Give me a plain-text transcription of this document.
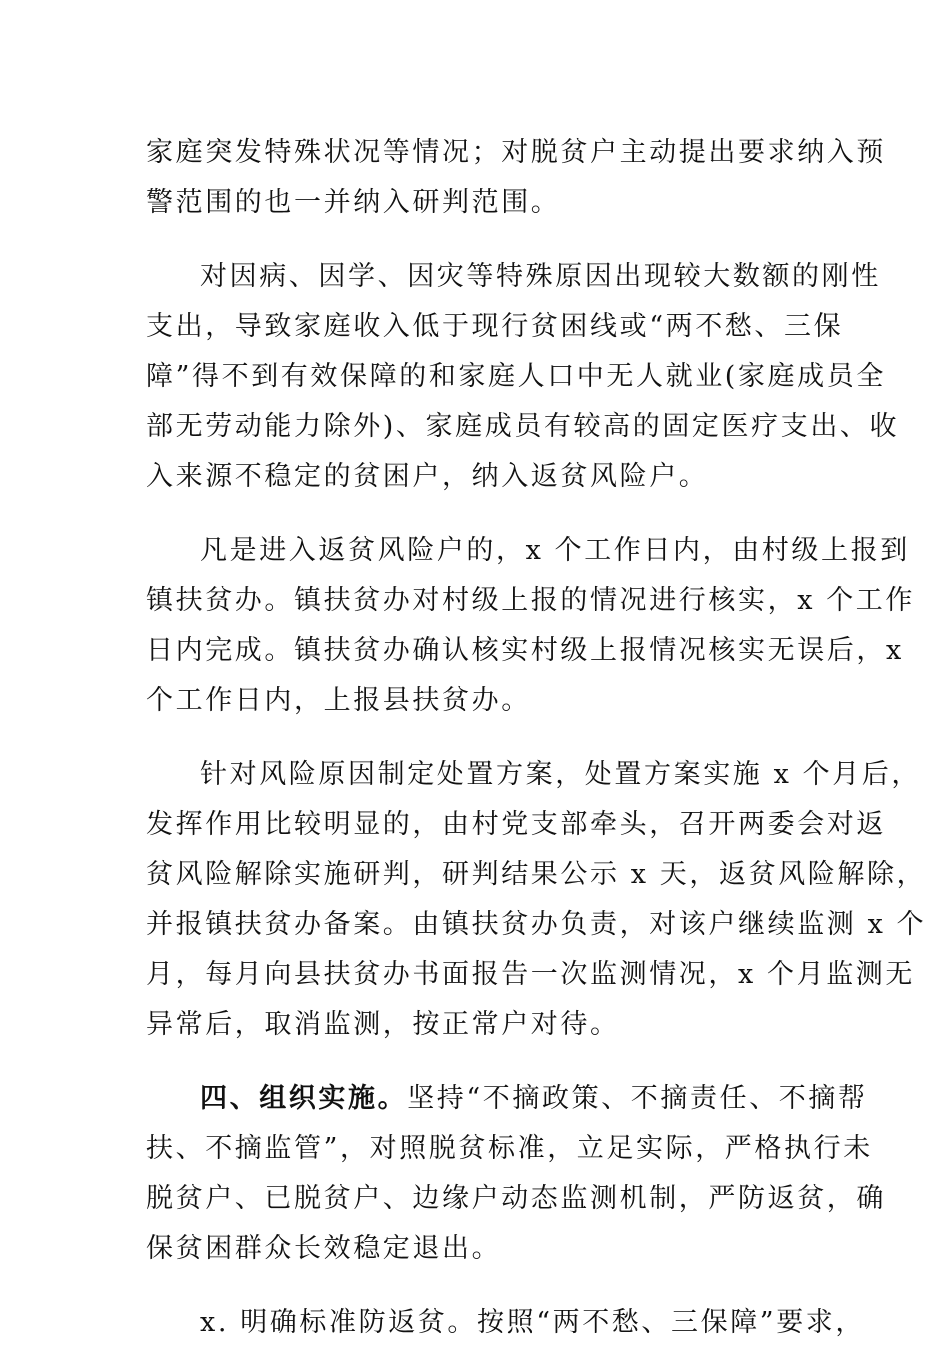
家庭突发特殊状况等情况；对脱贫户主动提出要求纳入预
警范围的也一并纳入研判范围。
对因病、因学、因灾等特殊原因出现较大数额的刚性
支出，导致家庭收入低于现行贫困线或“两不愁、三保
障”得不到有效保障的和家庭人口中无人就业(家庭成员全
部无劳动能力除外)、家庭成员有较高的固定医疗支出、收
入来源不稳定的贫困户，纳入返贫风险户。
凡是进入返贫风险户的，x 个工作日内，由村级上报到
镇扶贫办。镇扶贫办对村级上报的情况进行核实，x 个工作
日内完成。镇扶贫办确认核实村级上报情况核实无误后，x
个工作日内，上报县扶贫办。
针对风险原因制定处置方案，处置方案实施 x 个月后，
发挥作用比较明显的，由村党支部牵头，召开两委会对返
贫风险解除实施研判，研判结果公示 x 天，返贫风险解除，
并报镇扶贫办备案。由镇扶贫办负责，对该户继续监测 x 个
月，每月向县扶贫办书面报告一次监测情况，x 个月监测无
异常后，取消监测，按正常户对待。
四、组织实施。坚持“不摘政策、不摘责任、不摘帮
扶、不摘监管”，对照脱贫标准，立足实际，严格执行未
脱贫户、已脱贫户、边缘户动态监测机制，严防返贫，确
保贫困群众长效稳定退出。
x. 明确标准防返贫。按照“两不愁、三保障”要求，
